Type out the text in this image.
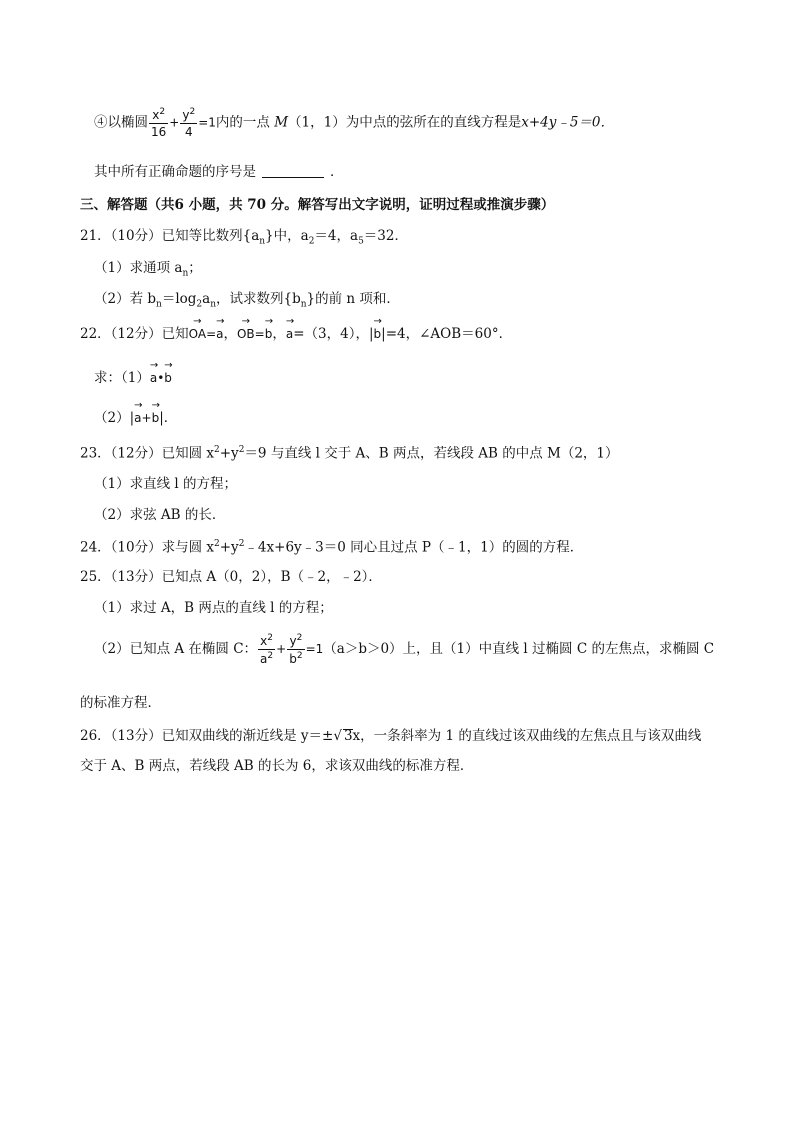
④以椭圆 $\frac{x^2}{16} + \frac{y^2}{4} =1$内的一点 M（1，1）为中点的弦所在的直线方程是x+4y﹣5＝0．
其中所有正确命题的序号是	．
三、解答题（共6 小题，共 70 分。解答写出文字说明，证明过程或推演步骤）
21．（10分）已知等比数列$\{a_n\}$中，$a_2=4$，$a_5=32$．
（1）求通项 $a_n$；
（2）若 $b_n=\log_2a_n$，试求数列$\{b_n\}$的前 n 项和．
22．（12分）已知→ OA=→ a，→ OB=→ b，→ a=（3，4），|→ b|=4，∠AOB＝60°．
求：（1）→ a•→ b
（2）|→ a+→ b|．
23．（12分）已知圆 $x^2+y^2=9$ 与直线 l 交于 A、B 两点，若线段 AB 的中点 M（2，1）
（1）求直线 l 的方程；
（2）求弦 AB 的长．
24．（10分）求与圆 $x^2+y^2﹣4x+6y﹣3=0$ 同心且过点 P（﹣1，1）的圆的方程．
25．（13分）已知点 A（0，2），B（﹣2，﹣2）．
（1）求过 A，B 两点的直线 l 的方程；
（2）已知点 A 在椭圆 C： $\frac{x^2}{a^2} + \frac{y^2}{b^2} =1(a>b>0)$上，且（1）中直线 l 过椭圆 C 的左焦点，求椭圆 C
的标准方程．
26．（13分）已知双曲线的渐近线是 y＝±√ 3x，一条斜率为 1 的直线过该双曲线的左焦点且与该双曲线
交于 A、B 两点，若线段 AB 的长为 6，求该双曲线的标准方程．
